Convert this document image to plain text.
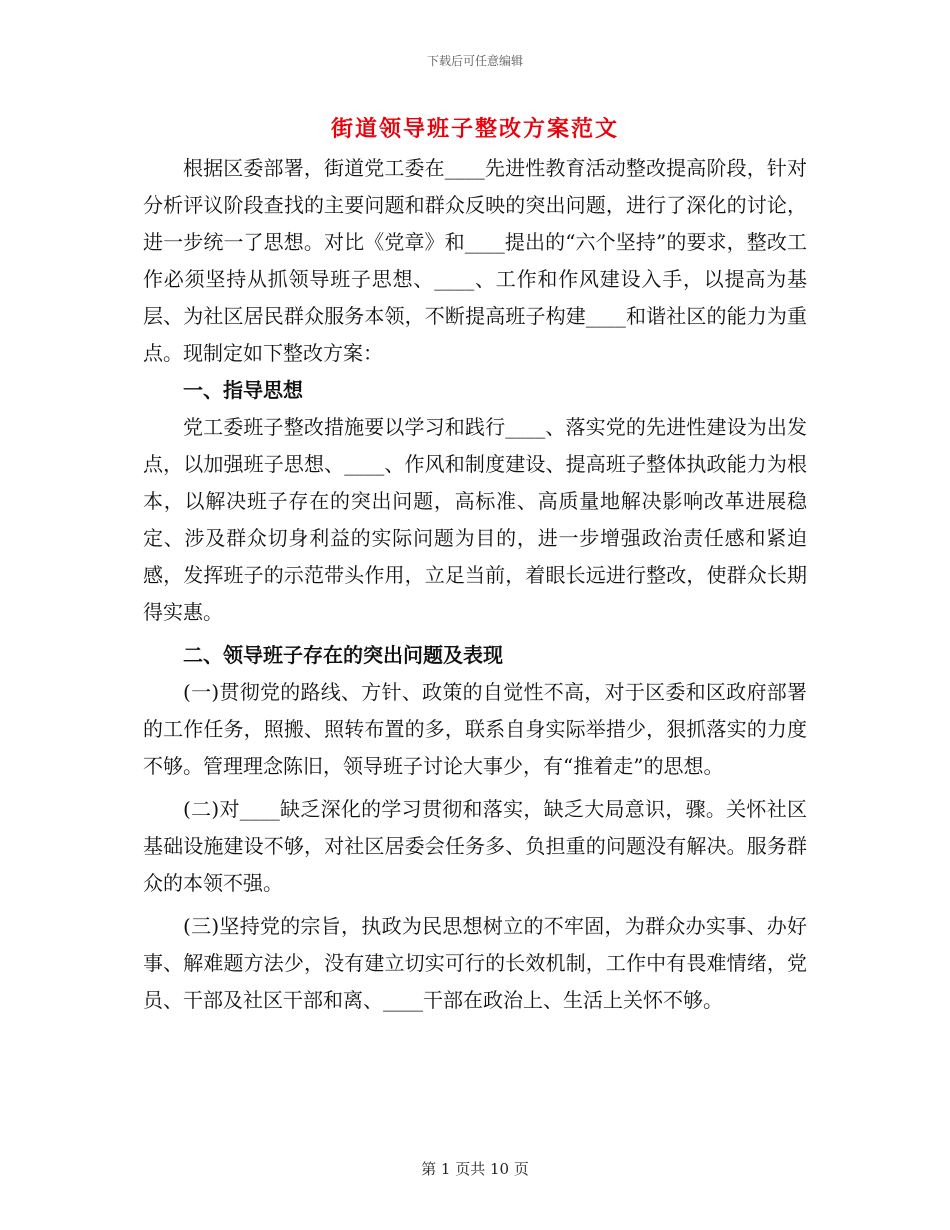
下载后可任意编辑
街道领导班子整改方案范文

根据区委部署，街道党工委在____先进性教育活动整改提高阶段，针对分析评议阶段查找的主要问题和群众反映的突出问题，进行了深化的讨论，进一步统一了思想。对比《党章》和____提出的“六个坚持”的要求，整改工作必须坚持从抓领导班子思想、____、工作和作风建设入手，以提高为基层、为社区居民群众服务本领，不断提高班子构建____和谐社区的能力为重点。现制定如下整改方案：

一、指导思想

党工委班子整改措施要以学习和践行____、落实党的先进性建设为出发点，以加强班子思想、____、作风和制度建设、提高班子整体执政能力为根本，以解决班子存在的突出问题，高标准、高质量地解决影响改革进展稳定、涉及群众切身利益的实际问题为目的，进一步增强政治责任感和紧迫感，发挥班子的示范带头作用，立足当前，着眼长远进行整改，使群众长期得实惠。

二、领导班子存在的突出问题及表现

(一)贯彻党的路线、方针、政策的自觉性不高，对于区委和区政府部署的工作任务，照搬、照转布置的多，联系自身实际举措少，狠抓落实的力度不够。管理理念陈旧，领导班子讨论大事少，有“推着走”的思想。

(二)对____缺乏深化的学习贯彻和落实，缺乏大局意识，骤。关怀社区基础设施建设不够，对社区居委会任务多、负担重的问题没有解决。服务群众的本领不强。

(三)坚持党的宗旨，执政为民思想树立的不牢固，为群众办实事、办好事、解难题方法少，没有建立切实可行的长效机制，工作中有畏难情绪，党员、干部及社区干部和离、____干部在政治上、生活上关怀不够。

第 1 页共 10 页
